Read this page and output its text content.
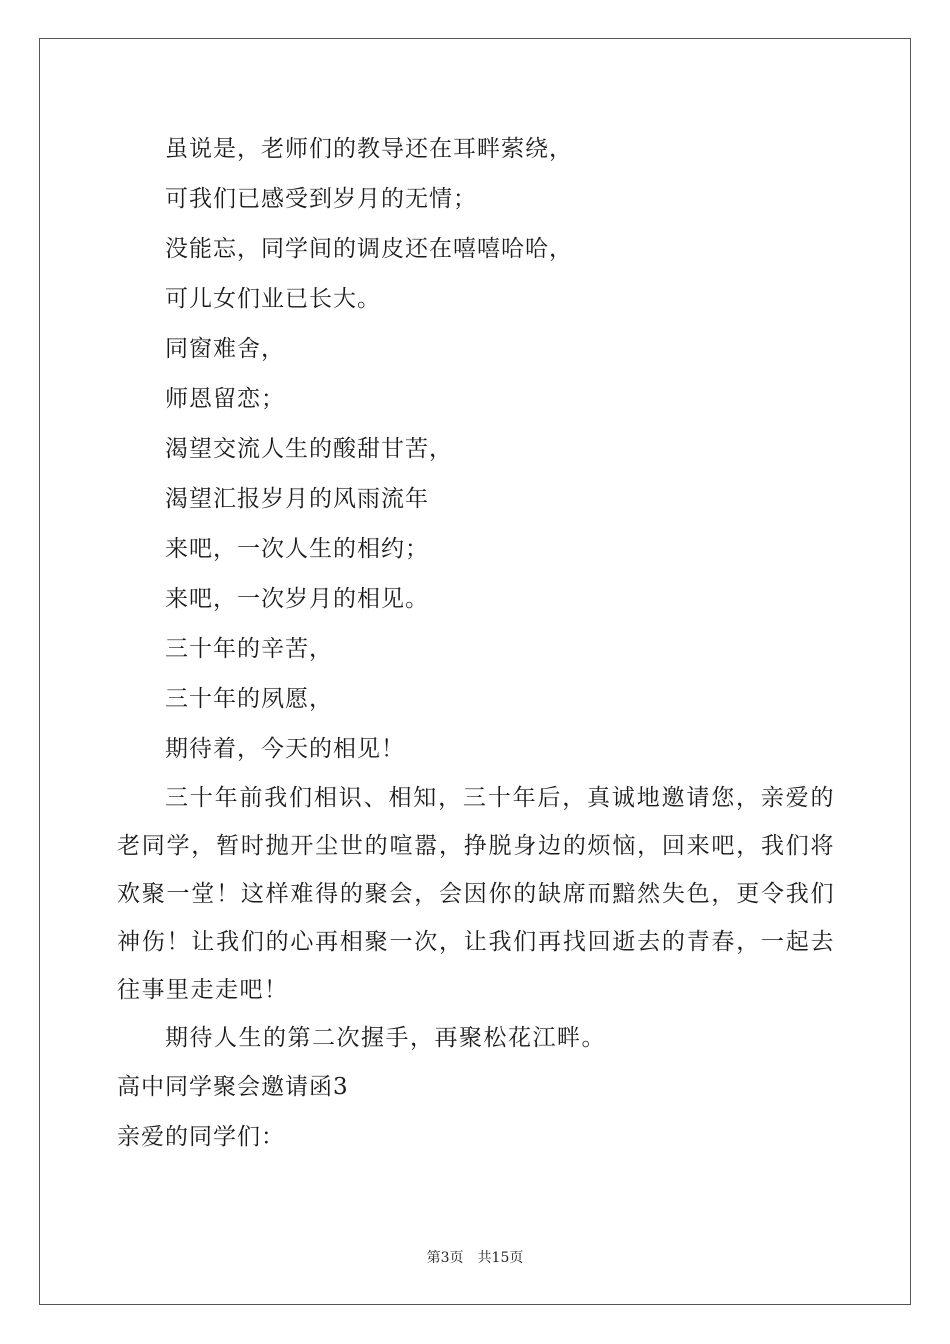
虽说是，老师们的教导还在耳畔萦绕，
可我们已感受到岁月的无情；
没能忘，同学间的调皮还在嘻嘻哈哈，
可儿女们业已长大。
同窗难舍，
师恩留恋；
渴望交流人生的酸甜甘苦，
渴望汇报岁月的风雨流年
来吧，一次人生的相约；
来吧，一次岁月的相见。
三十年的辛苦，
三十年的夙愿，
期待着，今天的相见！

三十年前我们相识、相知，三十年后，真诚地邀请您，亲爱的老同学，暂时抛开尘世的喧嚣，挣脱身边的烦恼，回来吧，我们将欢聚一堂！这样难得的聚会，会因你的缺席而黯然失色，更令我们神伤！让我们的心再相聚一次，让我们再找回逝去的青春，一起去往事里走走吧！

期待人生的第二次握手，再聚松花江畔。

高中同学聚会邀请函3
亲爱的同学们：
第3页　共15页
